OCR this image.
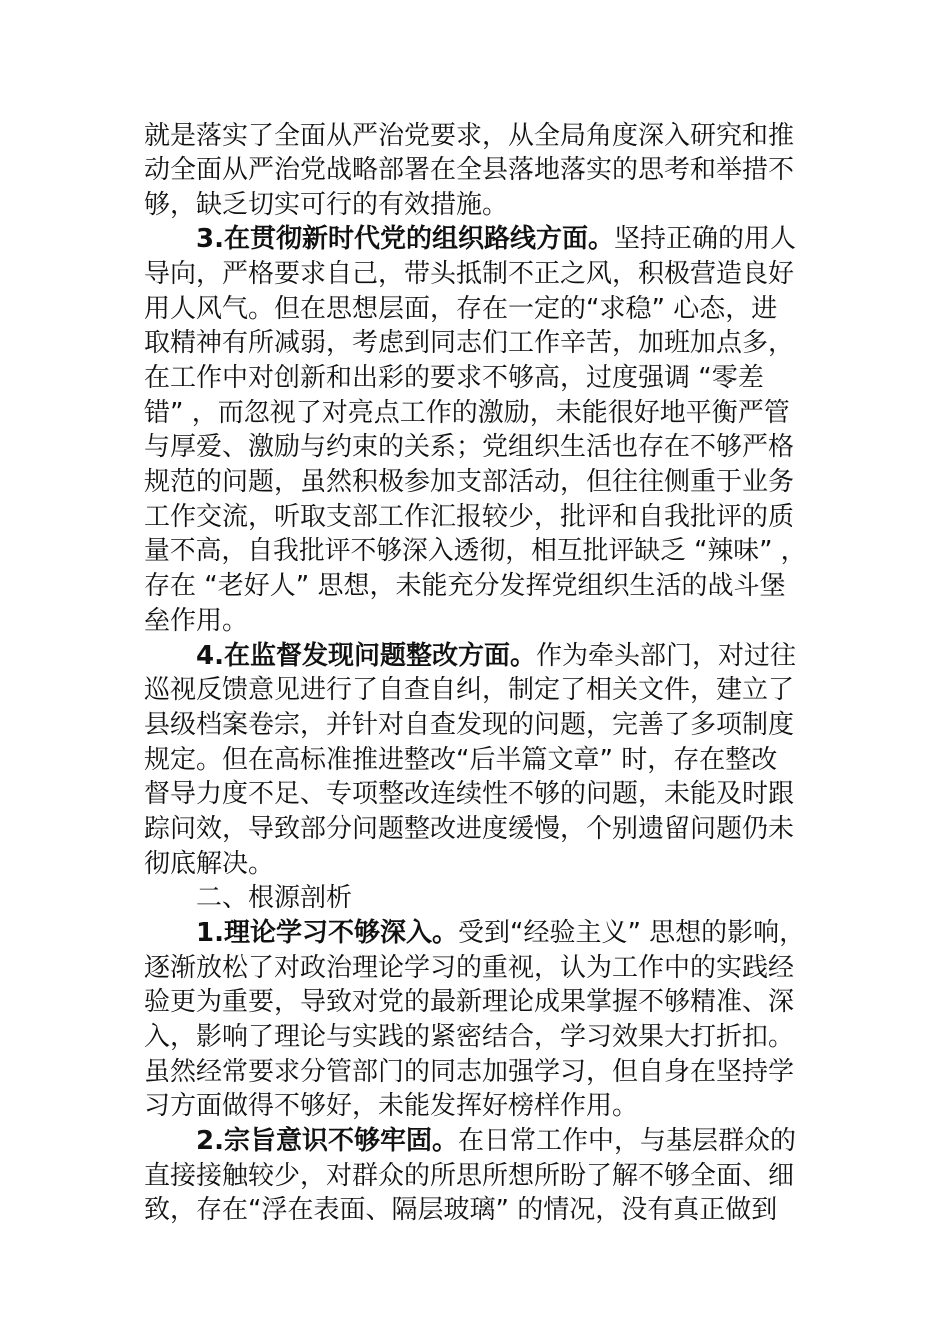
就是落实了全面从严治党要求，从全局角度深入研究和推
动全面从严治党战略部署在全县落地落实的思考和举措不
够，缺乏切实可行的有效措施。
3.在贯彻新时代党的组织路线方面。坚持正确的用人
导向，严格要求自己，带头抵制不正之风，积极营造良好
用人风气。但在思想层面，存在一定的“求稳” 心态，进
取精神有所减弱，考虑到同志们工作辛苦，加班加点多，
在工作中对创新和出彩的要求不够高，过度强调 “零差
错” ，而忽视了对亮点工作的激励，未能很好地平衡严管
与厚爱、激励与约束的关系；党组织生活也存在不够严格
规范的问题，虽然积极参加支部活动，但往往侧重于业务
工作交流，听取支部工作汇报较少，批评和自我批评的质
量不高，自我批评不够深入透彻，相互批评缺乏 “辣味” ，
存在 “老好人” 思想，未能充分发挥党组织生活的战斗堡
垒作用。
4.在监督发现问题整改方面。作为牵头部门，对过往
巡视反馈意见进行了自查自纠，制定了相关文件，建立了
县级档案卷宗，并针对自查发现的问题，完善了多项制度
规定。但在高标准推进整改“后半篇文章” 时，存在整改
督导力度不足、专项整改连续性不够的问题，未能及时跟
踪问效，导致部分问题整改进度缓慢，个别遗留问题仍未
彻底解决。
二、根源剖析
1.理论学习不够深入。受到“经验主义” 思想的影响，
逐渐放松了对政治理论学习的重视，认为工作中的实践经
验更为重要，导致对党的最新理论成果掌握不够精准、深
入，影响了理论与实践的紧密结合，学习效果大打折扣。
虽然经常要求分管部门的同志加强学习，但自身在坚持学
习方面做得不够好，未能发挥好榜样作用。
2.宗旨意识不够牢固。在日常工作中，与基层群众的
直接接触较少，对群众的所思所想所盼了解不够全面、细
致，存在“浮在表面、隔层玻璃” 的情况，没有真正做到
